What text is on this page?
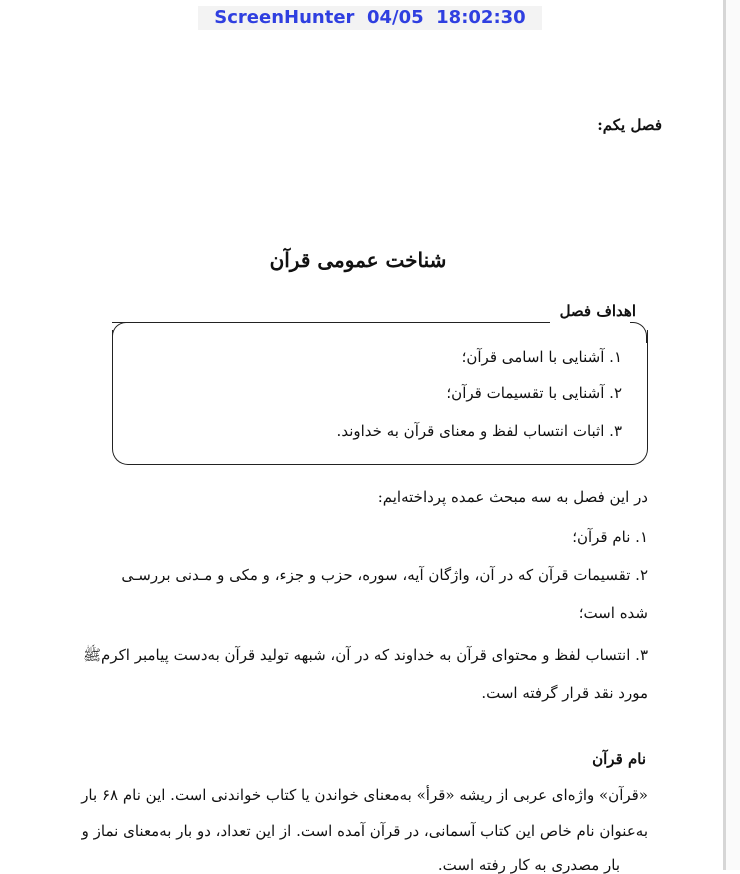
ScreenHunter  04/05  18:02:30
فصل یکم:
شناخت عمومی قرآن
اهداف فصل
۱. آشنایی با اسامی قرآن؛
۲. آشنایی با تقسیمات قرآن؛
۳. اثبات انتساب لفظ و معنای قرآن به خداوند.
در این فصل به سه مبحث عمده پرداخته‌ایم:
۱. نام قرآن؛
۲. تقسیمات قرآن که در آن، واژگان آیه، سوره، حزب و جزء، و مکی و مـدنی بررسـی
شده است؛
۳. انتساب لفظ و محتوای قرآن به خداوند که در آن، شبهه تولید قرآن به‌دست پیامبر اکرمﷺ
مورد نقد قرار گرفته است.
نام قرآن
«قرآن» واژه‌ای عربی از ریشه «قرأ» به‌معنای خواندن یا کتاب خواندنی است. این نام ۶۸ بار
به‌عنوان نام خاص این کتاب آسمانی، در قرآن آمده است. از این تعداد، دو بار به‌معنای نماز و
بار مصدری به کار رفته است.
